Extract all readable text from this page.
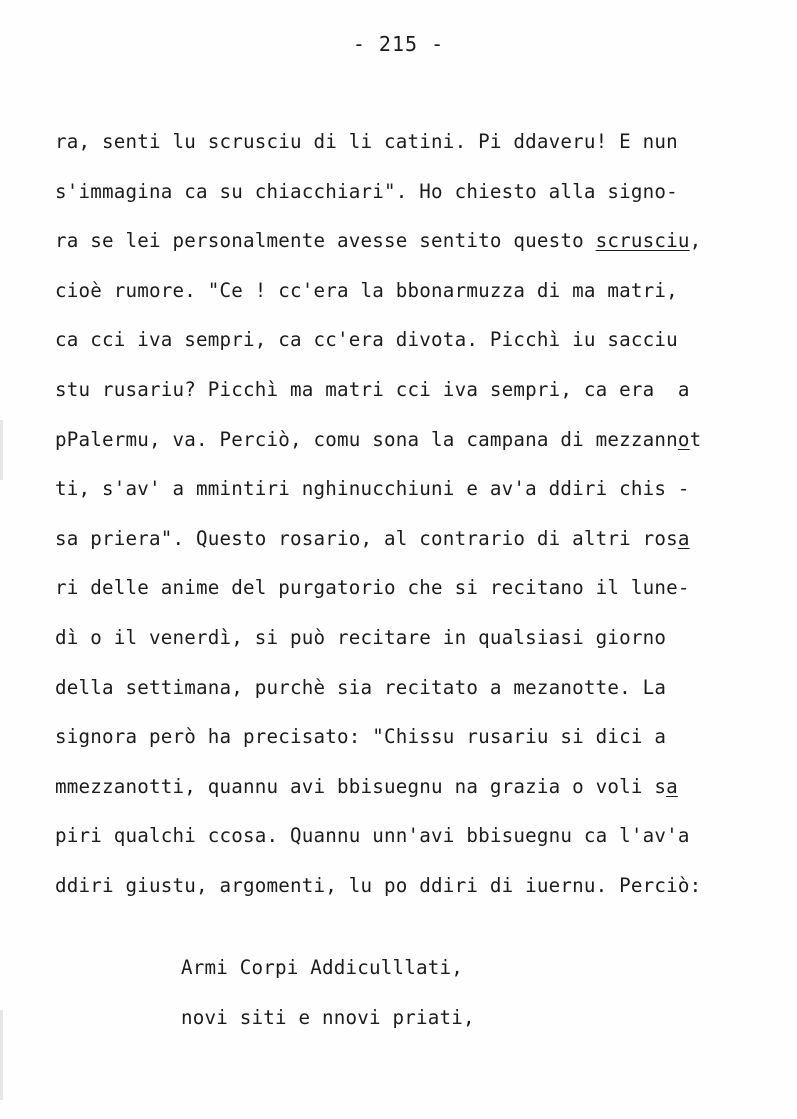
- 215 -
ra, senti lu scrusciu di li catini. Pi ddaveru! E nun
s'immagina ca su chiacchiari". Ho chiesto alla signo-
ra se lei personalmente avesse sentito questo scrusciu,
cioè rumore. "Ce ! cc'era la bbonarmuzza di ma matri,
ca cci iva sempri, ca cc'era divota. Picchì iu sacciu
stu rusariu? Picchì ma matri cci iva sempri, ca era  a
pPalermu, va. Perciò, comu sona la campana di mezzannot
ti, s'av' a mmintiri nghinucchiuni e av'a ddiri chis -
sa priera". Questo rosario, al contrario di altri rosa
ri delle anime del purgatorio che si recitano il lune-
dì o il venerdì, si può recitare in qualsiasi giorno
della settimana, purchè sia recitato a mezanotte. La
signora però ha precisato: "Chissu rusariu si dici a
mmezzanotti, quannu avi bbisuegnu na grazia o voli sa
piri qualchi ccosa. Quannu unn'avi bbisuegnu ca l'av'a
ddiri giustu, argomenti, lu po ddiri di iuernu. Perciò:
Armi Corpi Addiculllati,
novi siti e nnovi priati,
